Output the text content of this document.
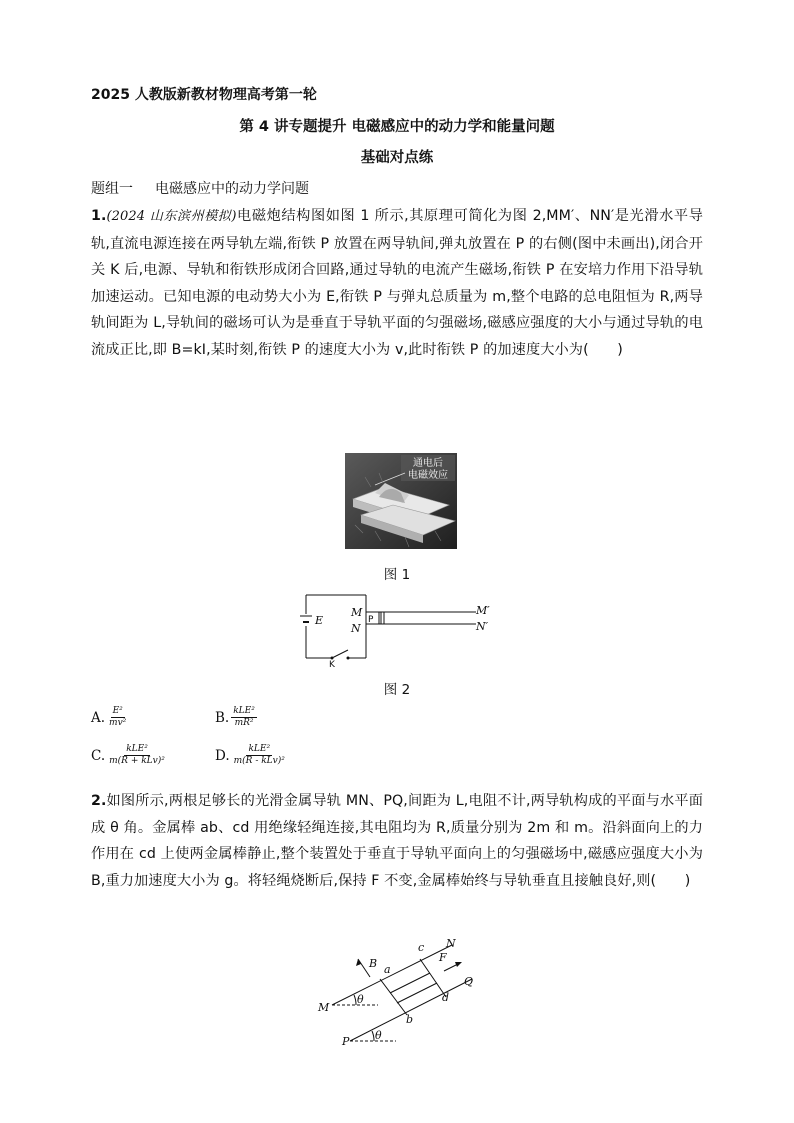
2025 人教版新教材物理高考第一轮
第 4 讲专题提升 电磁感应中的动力学和能量问题
基础对点练
题组一 电磁感应中的动力学问题
1.(2024 山东滨州模拟)电磁炮结构图如图 1 所示,其原理可简化为图 2,MM′、NN′是光滑水平导轨,直流电源连接在两导轨左端,衔铁 P 放置在两导轨间,弹丸放置在 P 的右侧(图中未画出),闭合开关 K 后,电源、导轨和衔铁形成闭合回路,通过导轨的电流产生磁场,衔铁 P 在安培力作用下沿导轨加速运动。已知电源的电动势大小为 E,衔铁 P 与弹丸总质量为 m,整个电路的总电阻恒为 R,两导轨间距为 L,导轨间的磁场可认为是垂直于导轨平面的匀强磁场,磁感应强度的大小与通过导轨的电流成正比,即 B=kI,某时刻,衔铁 P 的速度大小为 v,此时衔铁 P 的加速度大小为(　　)
通电后
电磁效应
图 1
E
M
N
M′
N′
P
K
图 2
A. $\frac{\text{E²}}{\text{mv²}}$	B. $\frac{\text{kLE²}}{\text{mR²}}$
C. $\frac{\text{kLE²}}{\text{m(R + kLv)²}}$	D. $\frac{\text{kLE²}}{\text{m(R - kLv)²}}$
2.如图所示,两根足够长的光滑金属导轨 MN、PQ,间距为 L,电阻不计,两导轨构成的平面与水平面成 θ 角。金属棒 ab、cd 用绝缘轻绳连接,其电阻均为 R,质量分别为 2m 和 m。沿斜面向上的力作用在 cd 上使两金属棒静止,整个装置处于垂直于导轨平面向上的匀强磁场中,磁感应强度大小为 B,重力加速度大小为 g。将轻绳烧断后,保持 F 不变,金属棒始终与导轨垂直且接触良好,则(　　)
B a
c N
F
Q
M
d
b
P
θ
θ
